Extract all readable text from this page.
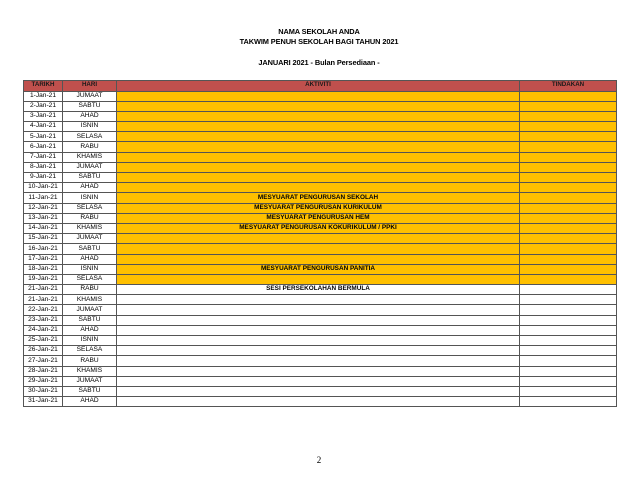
NAMA SEKOLAH ANDA
TAKWIM PENUH SEKOLAH BAGI TAHUN 2021
JANUARI 2021 - Bulan Persediaan -
TARIKH	HARI	AKTIVITI	TINDAKAN
1-Jan-21	JUMAAT		
2-Jan-21	SABTU		
3-Jan-21	AHAD		
4-Jan-21	ISNIN		
5-Jan-21	SELASA		
6-Jan-21	RABU		
7-Jan-21	KHAMIS		
8-Jan-21	JUMAAT		
9-Jan-21	SABTU		
10-Jan-21	AHAD		
11-Jan-21	ISNIN	MESYUARAT PENGURUSAN SEKOLAH	
12-Jan-21	SELASA	MESYUARAT PENGURUSAN KURIKULUM	
13-Jan-21	RABU	MESYUARAT PENGURUSAN HEM	
14-Jan-21	KHAMIS	MESYUARAT PENGURUSAN KOKURIKULUM / PPKI	
15-Jan-21	JUMAAT		
16-Jan-21	SABTU		
17-Jan-21	AHAD		
18-Jan-21	ISNIN	MESYUARAT PENGURUSAN PANITIA	
19-Jan-21	SELASA		
21-Jan-21	RABU	SESI PERSEKOLAHAN BERMULA	
21-Jan-21	KHAMIS		
22-Jan-21	JUMAAT		
23-Jan-21	SABTU		
24-Jan-21	AHAD		
25-Jan-21	ISNIN		
26-Jan-21	SELASA		
27-Jan-21	RABU		
28-Jan-21	KHAMIS		
29-Jan-21	JUMAAT		
30-Jan-21	SABTU		
31-Jan-21	AHAD		
2
